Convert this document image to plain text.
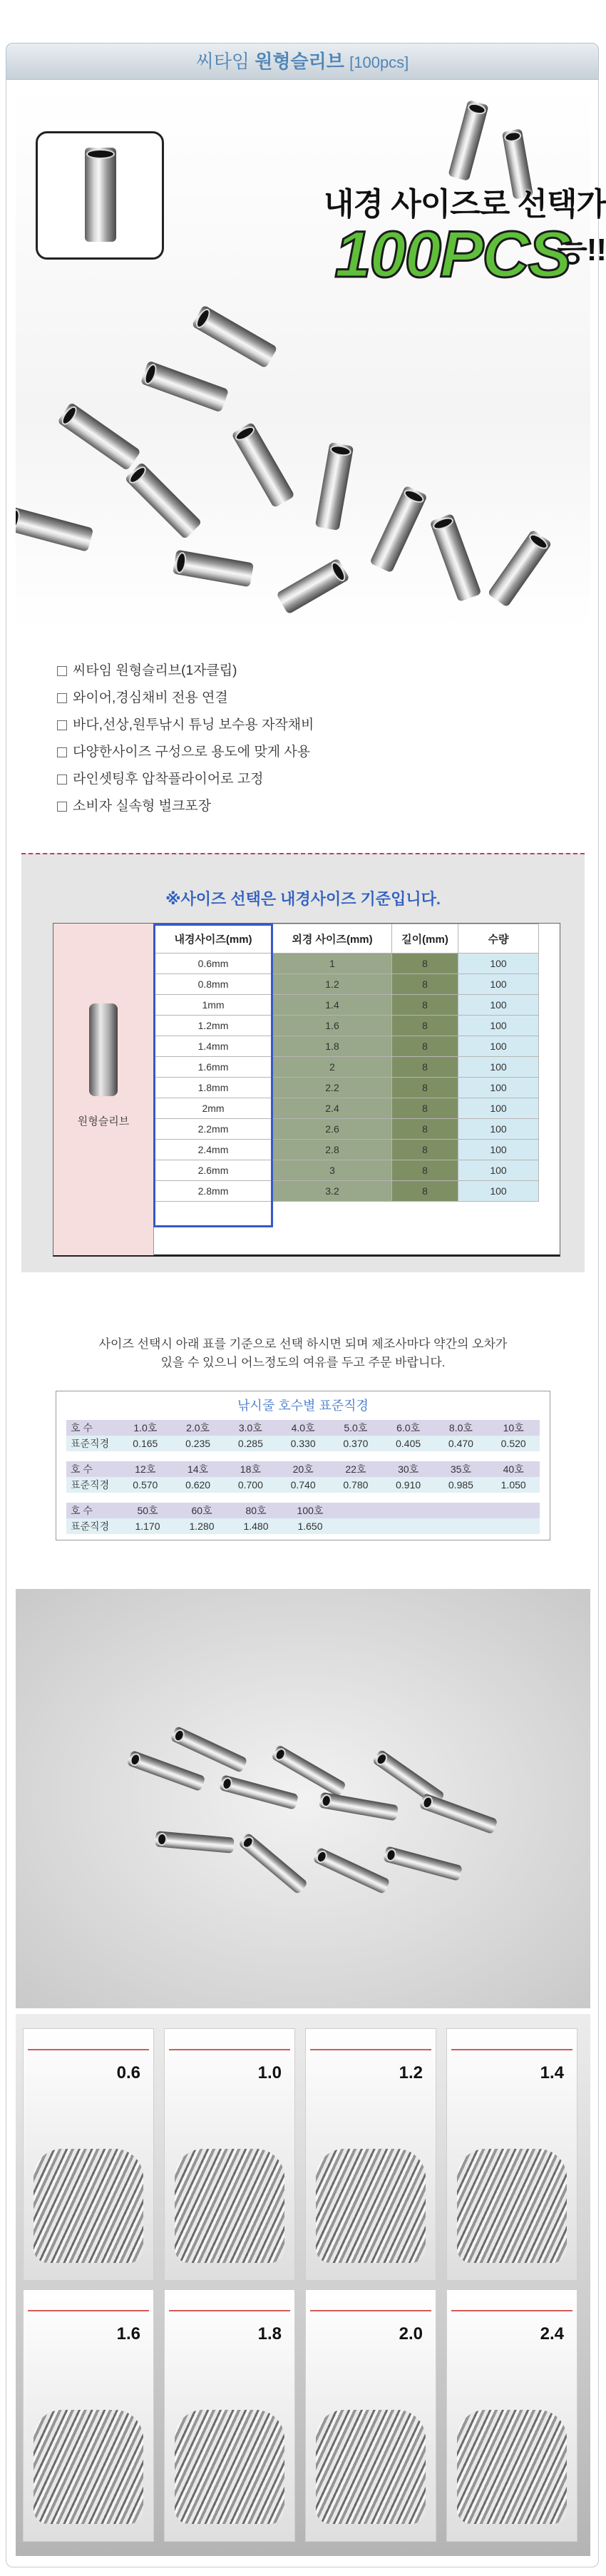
씨타임 원형슬리브 [100pcs]
내경 사이즈로 선택가능!!
100PCS
씨타임 원형슬리브(1자클립)
와이어,경심채비 전용 연결
바다,선상,원투낚시 튜닝 보수용 자작채비
다양한사이즈 구성으로 용도에 맞게 사용
라인셋팅후 압착플라이어로 고정
소비자 실속형 벌크포장
※사이즈 선택은 내경사이즈 기준입니다.
원형슬리브
내경사이즈(mm)	외경 사이즈(mm)	길이(mm)	수량
0.6mm	1	8	100
0.8mm	1.2	8	100
1mm	1.4	8	100
1.2mm	1.6	8	100
1.4mm	1.8	8	100
1.6mm	2	8	100
1.8mm	2.2	8	100
2mm	2.4	8	100
2.2mm	2.6	8	100
2.4mm	2.8	8	100
2.6mm	3	8	100
2.8mm	3.2	8	100
사이즈 선택시 아래 표를 기준으로 선택 하시면 되며 제조사마다 약간의 오차가
있을 수 있으니 어느정도의 여유를 두고 주문 바랍니다.
낚시줄 호수별 표준직경
호 수	1.0호	2.0호	3.0호	4.0호	5.0호	6.0호	8.0호	10호
표준직경	0.165	0.235	0.285	0.330	0.370	0.405	0.470	0.520
호 수	12호	14호	18호	20호	22호	30호	35호	40호
표준직경	0.570	0.620	0.700	0.740	0.780	0.910	0.985	1.050
호 수	50호	60호	80호	100호
표준직경	1.170	1.280	1.480	1.650
0.6	1.0	1.2	1.4
1.6	1.8	2.0	2.4
